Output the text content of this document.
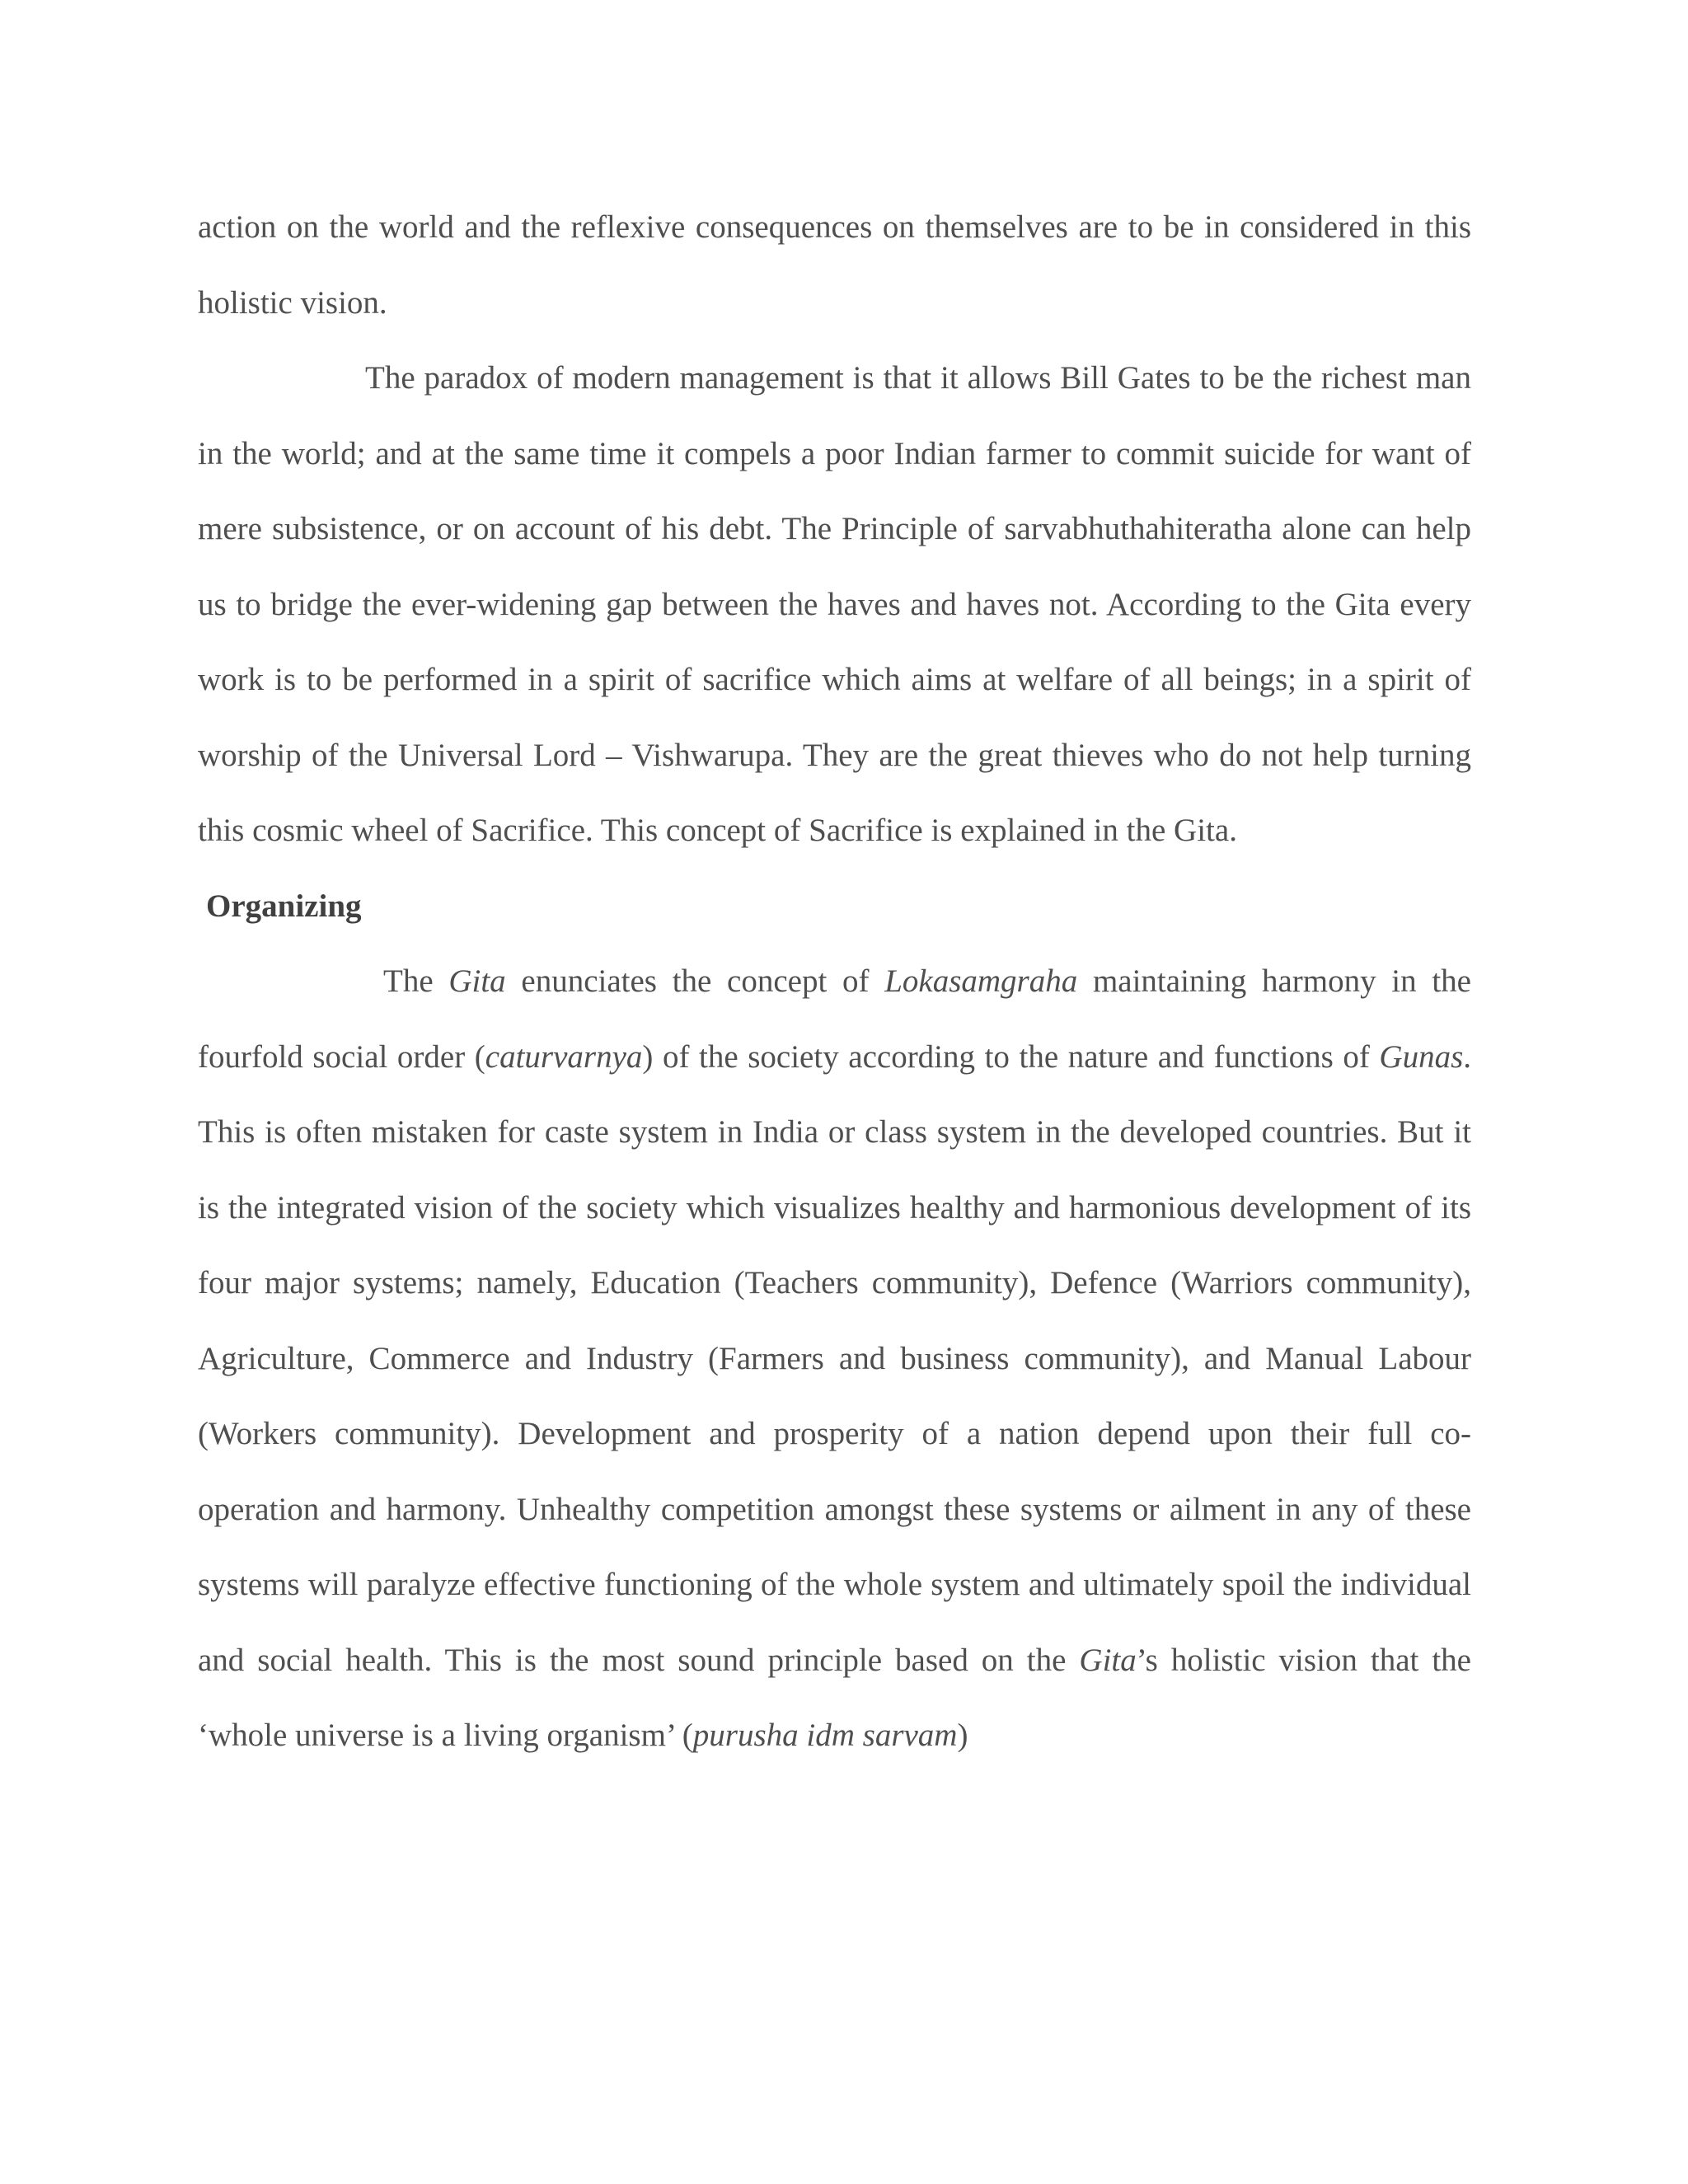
action on the world and the reflexive consequences on themselves are to be in considered in this holistic vision.

The paradox of modern management is that it allows Bill Gates to be the richest man in the world; and at the same time it compels a poor Indian farmer to commit suicide for want of mere subsistence, or on account of his debt. The Principle of sarvabhuthahiteratha alone can help us to bridge the ever-widening gap between the haves and haves not. According to the Gita every work is to be performed in a spirit of sacrifice which aims at welfare of all beings; in a spirit of worship of the Universal Lord – Vishwarupa. They are the great thieves who do not help turning this cosmic wheel of Sacrifice. This concept of Sacrifice is explained in the Gita.

Organizing

The Gita enunciates the concept of Lokasamgraha maintaining harmony in the fourfold social order (caturvarnya) of the society according to the nature and functions of Gunas. This is often mistaken for caste system in India or class system in the developed countries. But it is the integrated vision of the society which visualizes healthy and harmonious development of its four major systems; namely, Education (Teachers community), Defence (Warriors community), Agriculture, Commerce and Industry (Farmers and business community), and Manual Labour (Workers community). Development and prosperity of a nation depend upon their full co-operation and harmony. Unhealthy competition amongst these systems or ailment in any of these systems will paralyze effective functioning of the whole system and ultimately spoil the individual and social health. This is the most sound principle based on the Gita’s holistic vision that the ‘whole universe is a living organism’ (purusha idm sarvam)
